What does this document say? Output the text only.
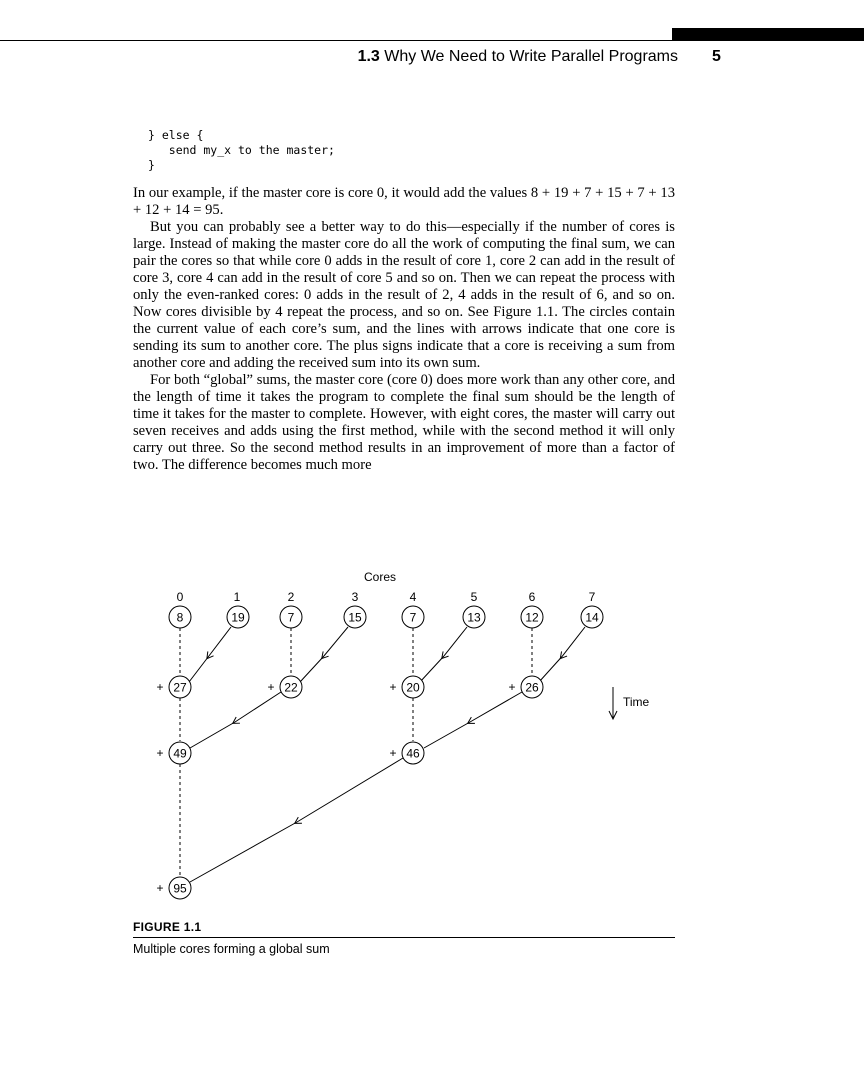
1.3 Why We Need to Write Parallel Programs 5
} else {
send my_x to the master;
}

In our example, if the master core is core 0, it would add the values 8 + 19 + 7 + 15 + 7 + 13 + 12 + 14 = 95.

But you can probably see a better way to do this—especially if the number of cores is large. Instead of making the master core do all the work of computing the final sum, we can pair the cores so that while core 0 adds in the result of core 1, core 2 can add in the result of core 3, core 4 can add in the result of core 5 and so on. Then we can repeat the process with only the even-ranked cores: 0 adds in the result of 2, 4 adds in the result of 6, and so on. Now cores divisible by 4 repeat the process, and so on. See Figure 1.1. The circles contain the current value of each core’s sum, and the lines with arrows indicate that one core is sending its sum to another core. The plus signs indicate that a core is receiving a sum from another core and adding the received sum into its own sum.

For both “global” sums, the master core (core 0) does more work than any other core, and the length of time it takes the program to complete the final sum should be the length of time it takes for the master to complete. However, with eight cores, the master will carry out seven receives and adds using the first method, while with the second method it will only carry out three. So the second method results in an improvement of more than a factor of two. The difference becomes much more

Cores
0	1	2	3	4	5	6	7
8	19	7	15	7	13	12	14
+ 27	+ 22	+ 20	+ 26
+ 49	+ 46
+ 95
Time
FIGURE 1.1
Multiple cores forming a global sum
